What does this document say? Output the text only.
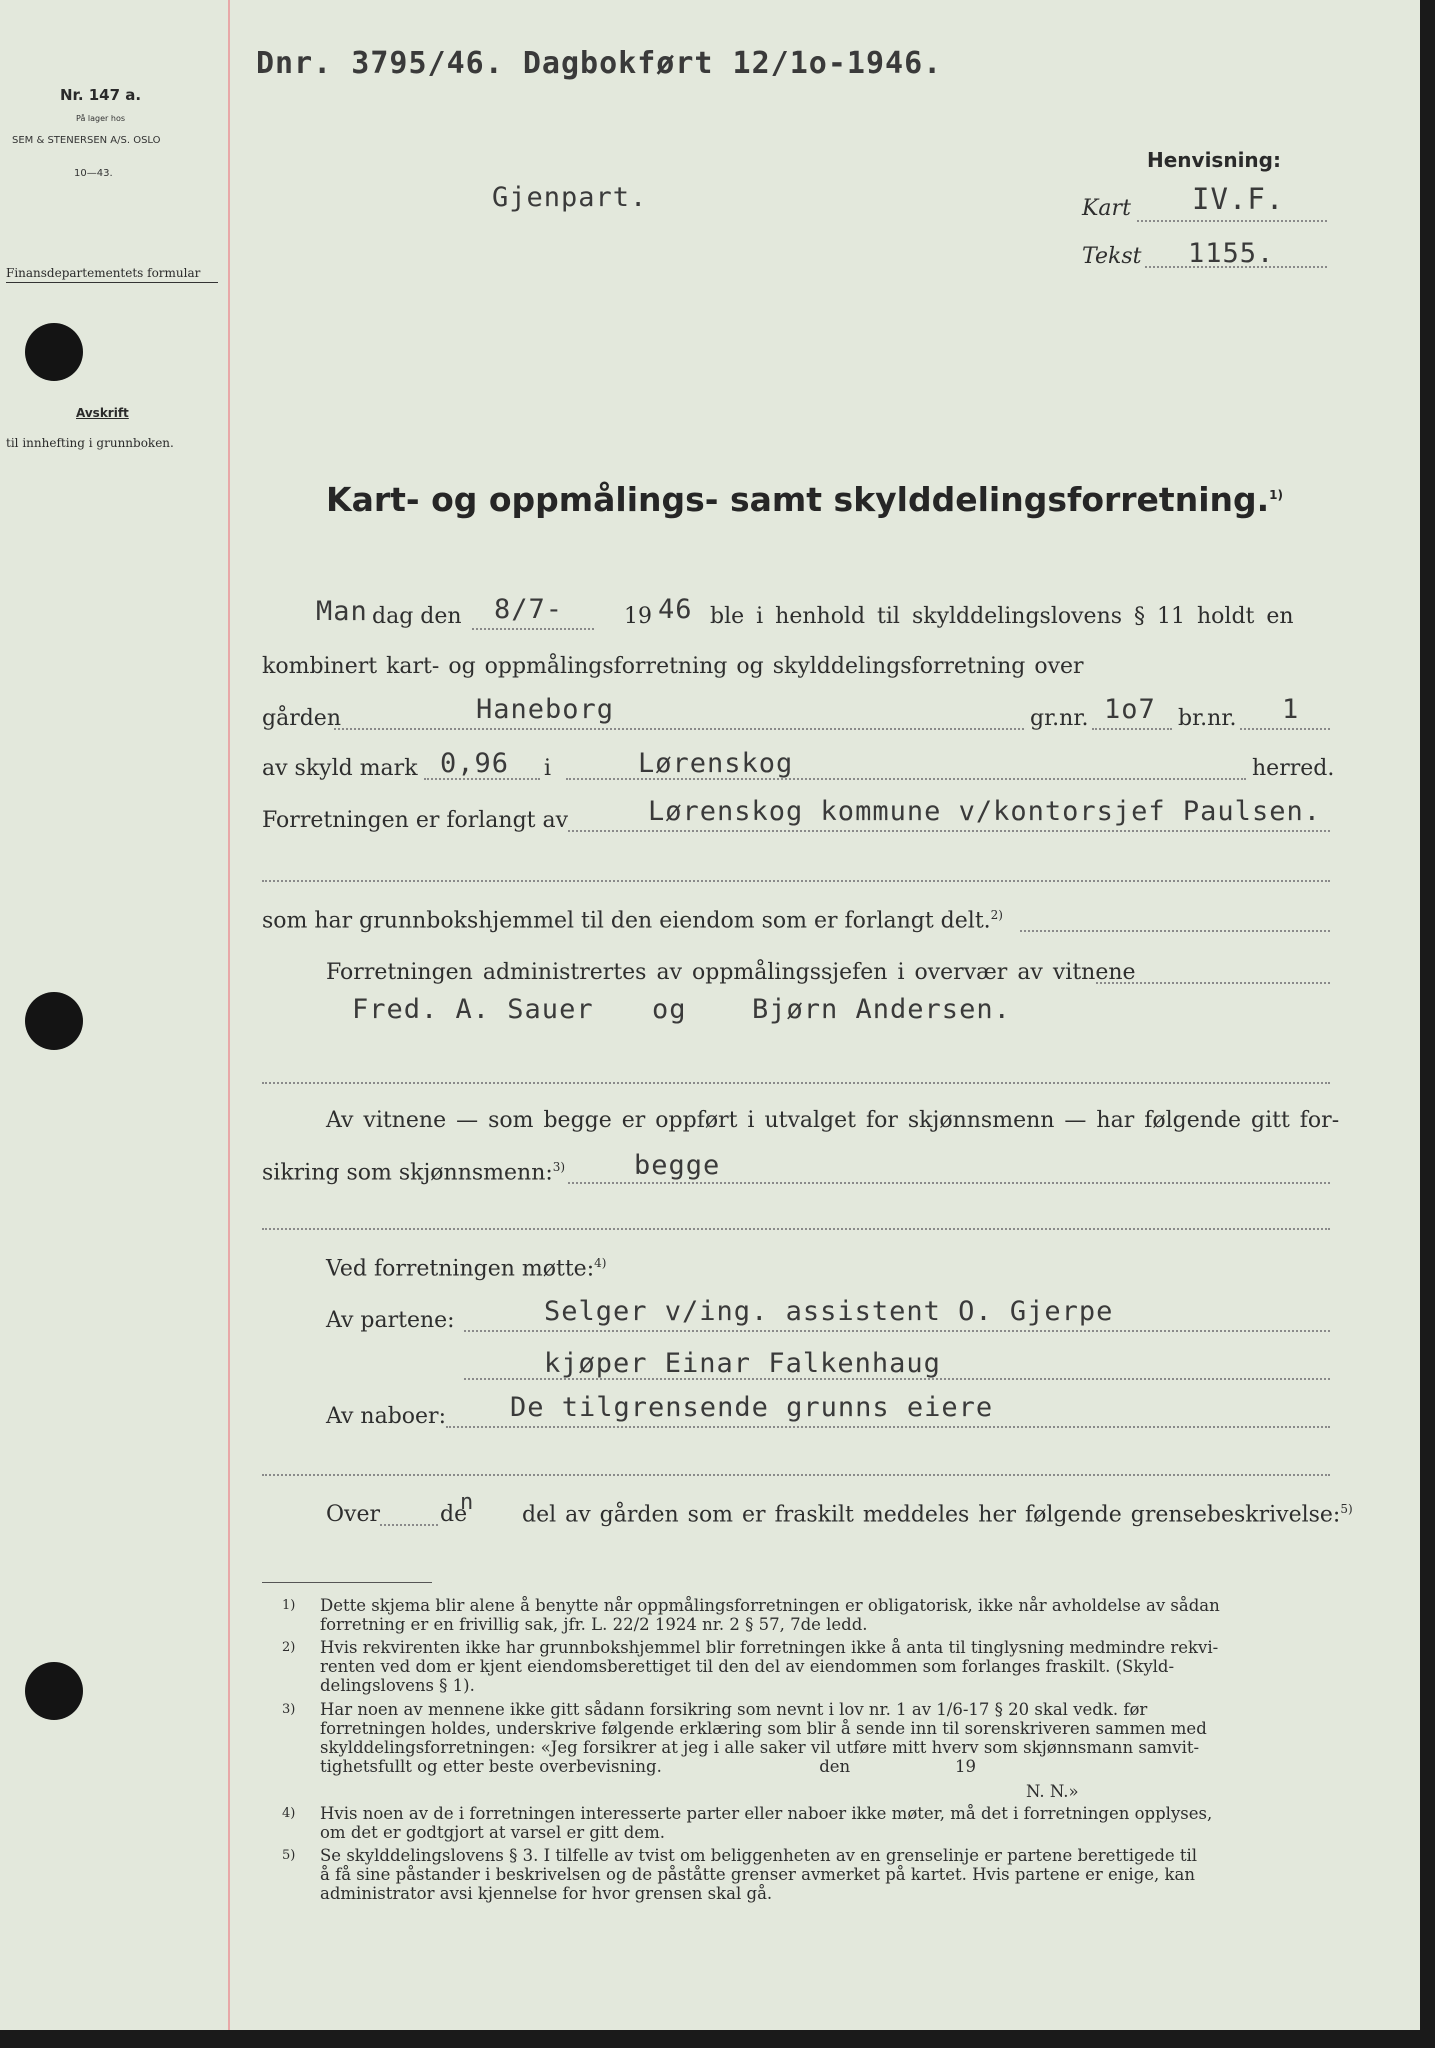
Nr. 147 a.
På lager hos
SEM & STENERSEN A/S. OSLO
10—43.
Finansdepartementets formular
Avskrift
til innhefting i grunnboken.
Dnr. 3795/46. Dagbokført 12/1o-1946.
Gjenpart.
Henvisning:
Kart IV.F.
Tekst 1155.
Kart- og oppmålings- samt skylddelingsforretning.$^{1)}$
Man dag den 8/7-	19 46 ble i henhold til skylddelingslovens § 11 holdt en
kombinert kart- og oppmålingsforretning og skylddelingsforretning over
gården	Haneborg	gr.nr. 1o7 br.nr. 1
av skyld mark 0,96 i	Lørenskog	herred.
Forretningen er forlangt av	Lørenskog kommune v/kontorsjef Paulsen.
som har grunnbokshjemmel til den eiendom som er forlangt delt.$^{2)}$
Forretningen administrertes av oppmålingssjefen i overvær av vitnene
Fred. A. Sauer og Bjørn Andersen.
Av vitnene — som begge er oppført i utvalget for skjønnsmenn — har følgende gitt for-
sikring som skjønnsmenn:$^{3)}$	begge
Ved forretningen møtte:$^{4)}$
Av partene:	Selger v/ing. assistent O. Gjerpe
kjøper Einar Falkenhaug
Av naboer: De tilgrensende grunns eiere
Over	de
n del av gården som er fraskilt meddeles her følgende grensebeskrivelse:$^{5)}$
1) Dette skjema blir alene å benytte når oppmålingsforretningen er obligatorisk, ikke når avholdelse av sådan
forretning er en frivillig sak, jfr. L. 22/2 1924 nr. 2 § 57, 7de ledd.
2) Hvis rekvirenten ikke har grunnbokshjemmel blir forretningen ikke å anta til tinglysning medmindre rekvi-
renten ved dom er kjent eiendomsberettiget til den del av eiendommen som forlanges fraskilt. (Skyld-
delingslovens § 1).
3) Har noen av mennene ikke gitt sådann forsikring som nevnt i lov nr. 1 av 1/6-17 § 20 skal vedk. før
forretningen holdes, underskrive følgende erklæring som blir å sende inn til sorenskriveren sammen med
skylddelingsforretningen: «Jeg forsikrer at jeg i alle saker vil utføre mitt hverv som skjønnsmann samvit-
tighetsfullt og etter beste overbevisning.                              den                    19
N. N.»
4) Hvis noen av de i forretningen interesserte parter eller naboer ikke møter, må det i forretningen opplyses,
om det er godtgjort at varsel er gitt dem.
5) Se skylddelingslovens § 3. I tilfelle av tvist om beliggenheten av en grenselinje er partene berettigede til
å få sine påstander i beskrivelsen og de påståtte grenser avmerket på kartet. Hvis partene er enige, kan
administrator avsi kjennelse for hvor grensen skal gå.
